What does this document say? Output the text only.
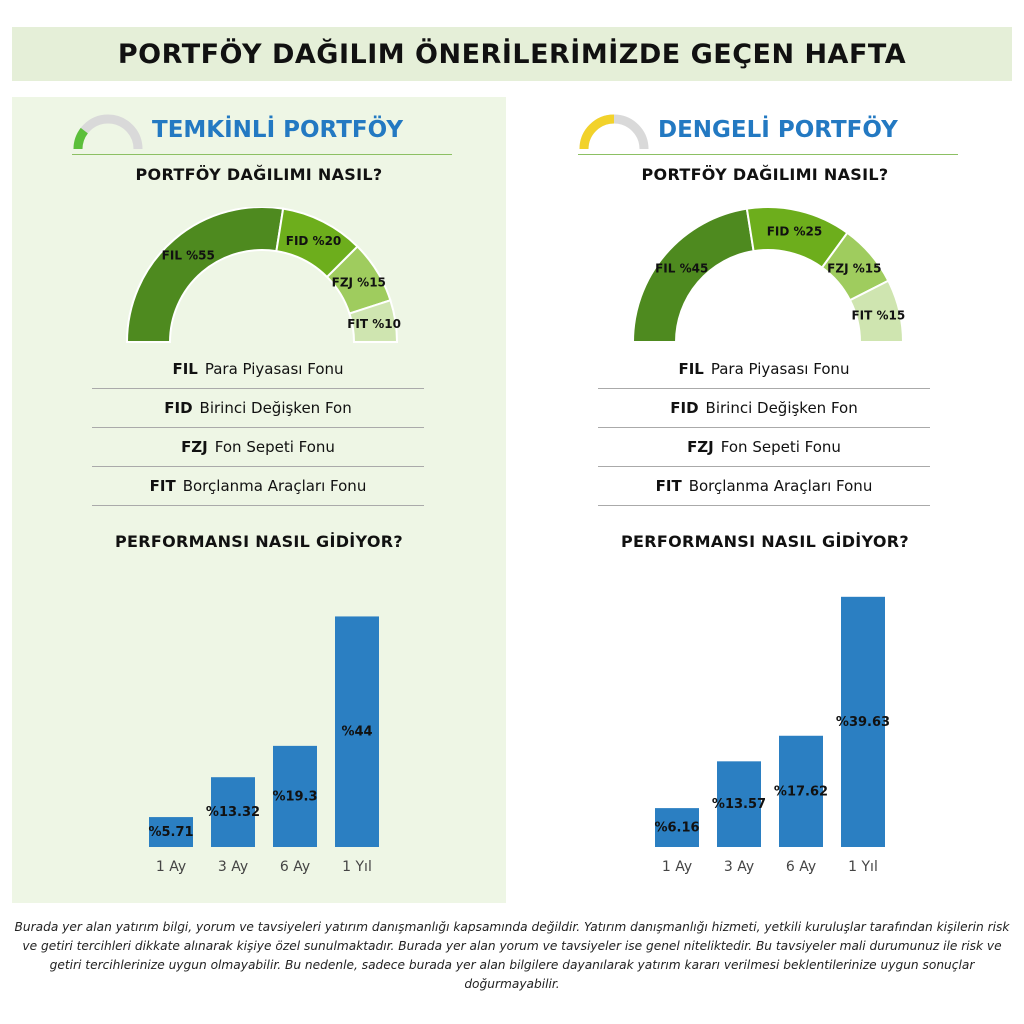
PORTFÖY DAĞILIM ÖNERİLERİMİZDE GEÇEN HAFTA
TEMKİNLİ PORTFÖY
PORTFÖY DAĞILIMI NASIL?
FIL %55
FID %20
FZJ %15
FIT %10
FIL Para Piyasası Fonu
FID Birinci Değişken Fon
FZJ Fon Sepeti Fonu
FIT Borçlanma Araçları Fonu
PERFORMANSI NASIL GİDİYOR?
%5.71
1 Ay
%13.32
3 Ay
%19.3
6 Ay
%44
1 Yıl
DENGELİ PORTFÖY
PORTFÖY DAĞILIMI NASIL?
FIL %45
FID %25
FZJ %15
FIT %15
FIL Para Piyasası Fonu
FID Birinci Değişken Fon
FZJ Fon Sepeti Fonu
FIT Borçlanma Araçları Fonu
PERFORMANSI NASIL GİDİYOR?
%6.16
1 Ay
%13.57
3 Ay
%17.62
6 Ay
%39.63
1 Yıl
Burada yer alan yatırım bilgi, yorum ve tavsiyeleri yatırım danışmanlığı kapsamında değildir. Yatırım danışmanlığı hizmeti, yetkili kuruluşlar tarafından kişilerin risk ve getiri tercihleri dikkate alınarak kişiye özel sunulmaktadır. Burada yer alan yorum ve tavsiyeler ise genel niteliktedir. Bu tavsiyeler mali durumunuz ile risk ve getiri tercihlerinize uygun olmayabilir. Bu nedenle, sadece burada yer alan bilgilere dayanılarak yatırım kararı verilmesi beklentilerinize uygun sonuçlar doğurmayabilir.
